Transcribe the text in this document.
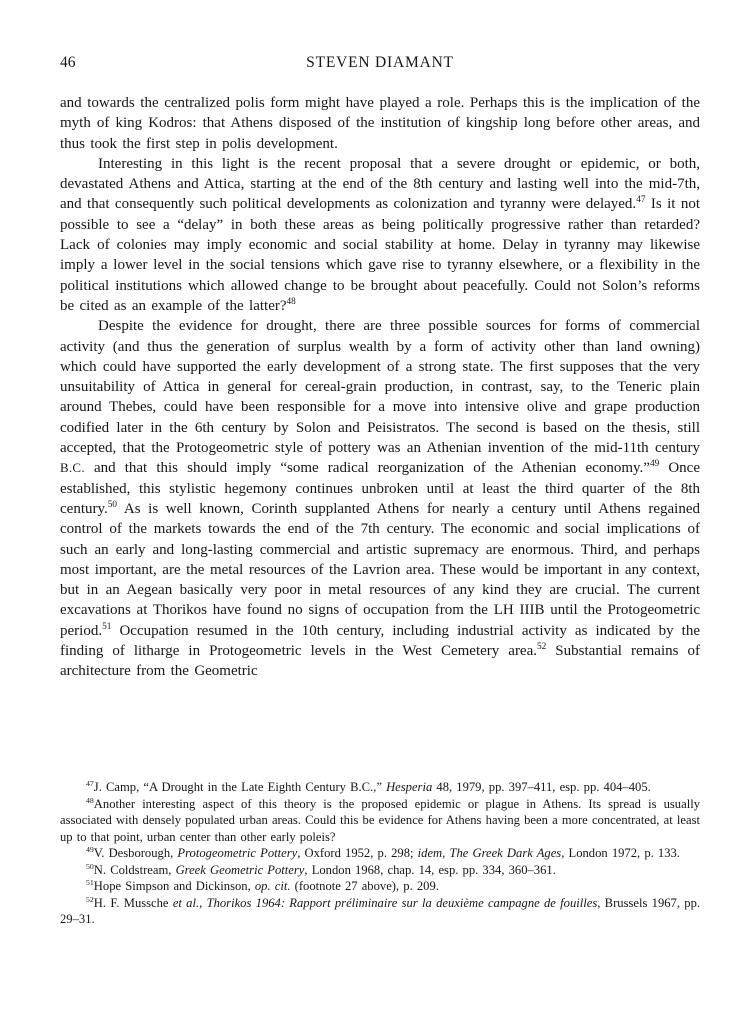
46	STEVEN DIAMANT

and towards the centralized polis form might have played a role. Perhaps this is the implication of the myth of king Kodros: that Athens disposed of the institution of kingship long before other areas, and thus took the first step in polis development.

Interesting in this light is the recent proposal that a severe drought or epidemic, or both, devastated Athens and Attica, starting at the end of the 8th century and lasting well into the mid-7th, and that consequently such political developments as colonization and tyranny were delayed.$^{47}$ Is it not possible to see a “delay” in both these areas as being politically progressive rather than retarded? Lack of colonies may imply economic and social stability at home. Delay in tyranny may likewise imply a lower level in the social tensions which gave rise to tyranny elsewhere, or a flexibility in the political institutions which allowed change to be brought about peacefully. Could not Solon’s reforms be cited as an example of the latter?$^{48}$

Despite the evidence for drought, there are three possible sources for forms of commercial activity (and thus the generation of surplus wealth by a form of activity other than land owning) which could have supported the early development of a strong state. The first supposes that the very unsuitability of Attica in general for cereal-grain production, in contrast, say, to the Teneric plain around Thebes, could have been responsible for a move into intensive olive and grape production codified later in the 6th century by Solon and Peisistratos. The second is based on the thesis, still accepted, that the Protogeometric style of pottery was an Athenian invention of the mid-11th century B.C. and that this should imply “some radical reorganization of the Athenian economy.”$^{49}$ Once established, this stylistic hegemony continues unbroken until at least the third quarter of the 8th century.$^{50}$ As is well known, Corinth supplanted Athens for nearly a century until Athens regained control of the markets towards the end of the 7th century. The economic and social implications of such an early and long-lasting commercial and artistic supremacy are enormous. Third, and perhaps most important, are the metal resources of the Lavrion area. These would be important in any context, but in an Aegean basically very poor in metal resources of any kind they are crucial. The current excavations at Thorikos have found no signs of occupation from the LH IIIB until the Protogeometric period.$^{51}$ Occupation resumed in the 10th century, including industrial activity as indicated by the finding of litharge in Protogeometric levels in the West Cemetery area.$^{52}$ Substantial remains of architecture from the Geometric

$^{47}$J. Camp, “A Drought in the Late Eighth Century B.C.,” Hesperia 48, 1979, pp. 397–411, esp. pp. 404–405.

$^{48}$Another interesting aspect of this theory is the proposed epidemic or plague in Athens. Its spread is usually associated with densely populated urban areas. Could this be evidence for Athens having been a more concentrated, at least up to that point, urban center than other early poleis?

$^{49}$V. Desborough, Protogeometric Pottery, Oxford 1952, p. 298; idem, The Greek Dark Ages, London 1972, p. 133.

$^{50}$N. Coldstream, Greek Geometric Pottery, London 1968, chap. 14, esp. pp. 334, 360–361.

$^{51}$Hope Simpson and Dickinson, op. cit. (footnote 27 above), p. 209.

$^{52}$H. F. Mussche et al., Thorikos 1964: Rapport préliminaire sur la deuxième campagne de fouilles, Brussels 1967, pp. 29–31.
